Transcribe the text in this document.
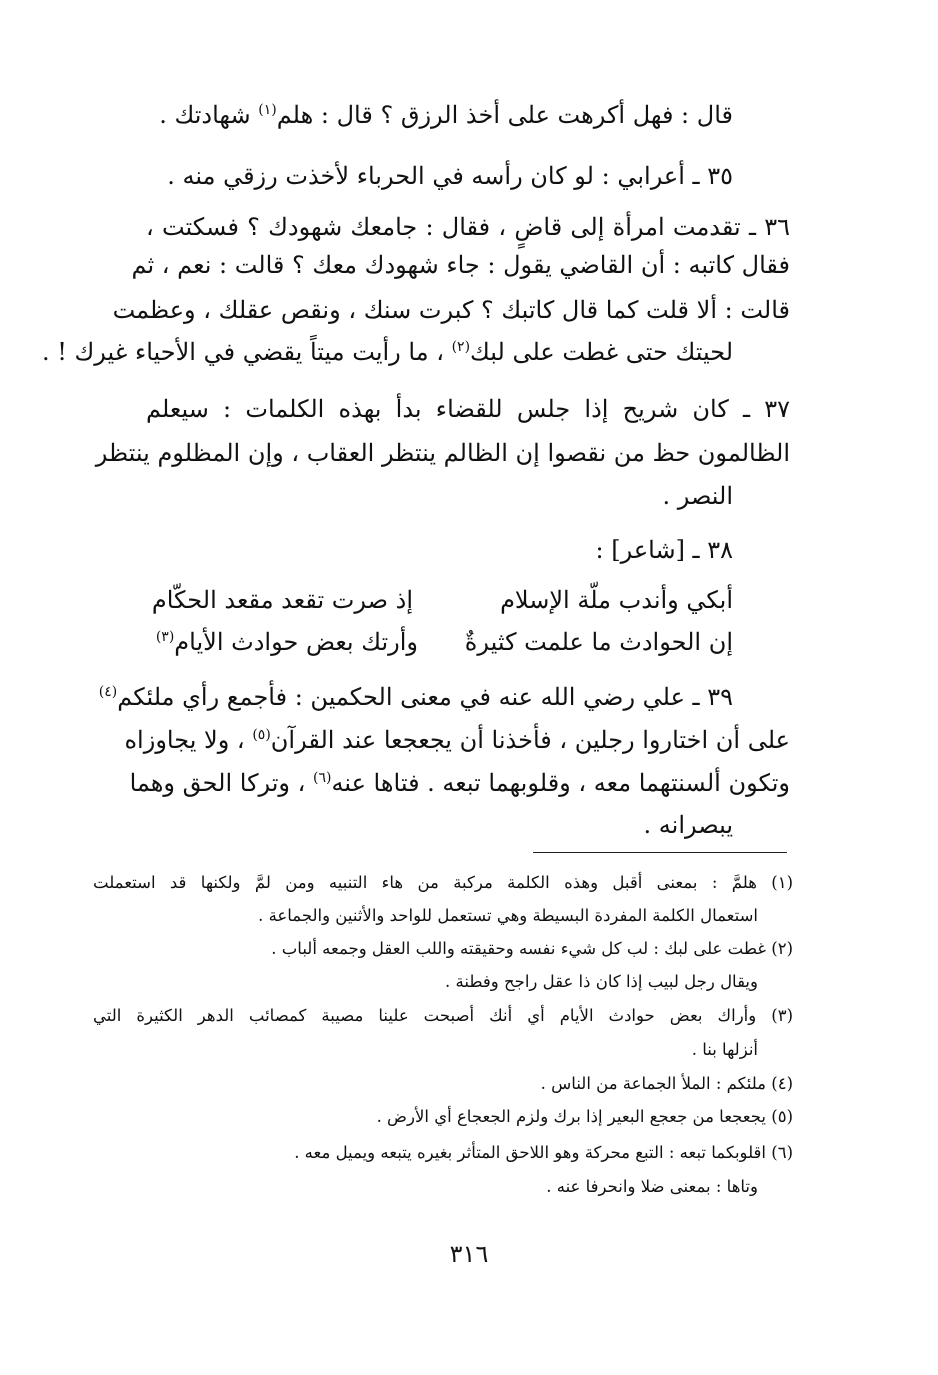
قال : فهل أكرهت على أخذ الرزق ؟ قال : هلم$^{(١)}$ شهادتك .
٣٥ ـ أعرابي : لو كان رأسه في الحرباء لأخذت رزقي منه .
٣٦ ـ تقدمت امرأة إلى قاضٍ ، فقال : جامعك شهودك ؟ فسكتت ،
فقال كاتبه : أن القاضي يقول : جاء شهودك معك ؟ قالت : نعم ، ثم
قالت : ألا قلت كما قال كاتبك ؟ كبرت سنك ، ونقص عقلك ، وعظمت
لحيتك حتى غطت على لبك$^{(٢)}$ ، ما رأيت ميتاً يقضي في الأحياء غيرك ! .
٣٧ ـ كان شريح إذا جلس للقضاء بدأ بهذه الكلمات : سيعلم
الظالمون حظ من نقصوا إن الظالم ينتظر العقاب ، وإن المظلوم ينتظر
النصر .
٣٨ ـ [شاعر] :
أبكي وأندب ملّة الإسلام
إذ صرت تقعد مقعد الحكّام
إن الحوادث ما علمت كثيرةٌ
وأرتك بعض حوادث الأيام$^{(٣)}$
٣٩ ـ علي رضي الله عنه في معنى الحكمين : فأجمع رأي ملئكم$^{(٤)}$
على أن اختاروا رجلين ، فأخذنا أن يجعجعا عند القرآن$^{(٥)}$ ، ولا يجاوزاه
وتكون ألسنتهما معه ، وقلوبهما تبعه . فتاها عنه$^{(٦)}$ ، وتركا الحق وهما
يبصرانه .
(١) هلمَّ : بمعنى أقبل وهذه الكلمة مركبة من هاء التنبيه ومن لمَّ ولكنها قد استعملت
استعمال الكلمة المفردة البسيطة وهي تستعمل للواحد والأثنين والجماعة .
(٢) غطت على لبك : لب كل شيء نفسه وحقيقته واللب العقل وجمعه ألباب .
ويقال رجل لبيب إذا كان ذا عقل راجح وفطنة .
(٣) وأراك بعض حوادث الأيام أي أنك أصبحت علينا مصيبة كمصائب الدهر الكثيرة التي
أنزلها بنا .
(٤) ملئكم : الملأ الجماعة من الناس .
(٥) يجعجعا من جعجع البعير إذا برك ولزم الجعجاع أي الأرض .
(٦) اقلوبكما تبعه : التبع محركة وهو اللاحق المتأثر بغيره يتبعه ويميل معه .
وتاها : بمعنى ضلا وانحرفا عنه .
٣١٦
